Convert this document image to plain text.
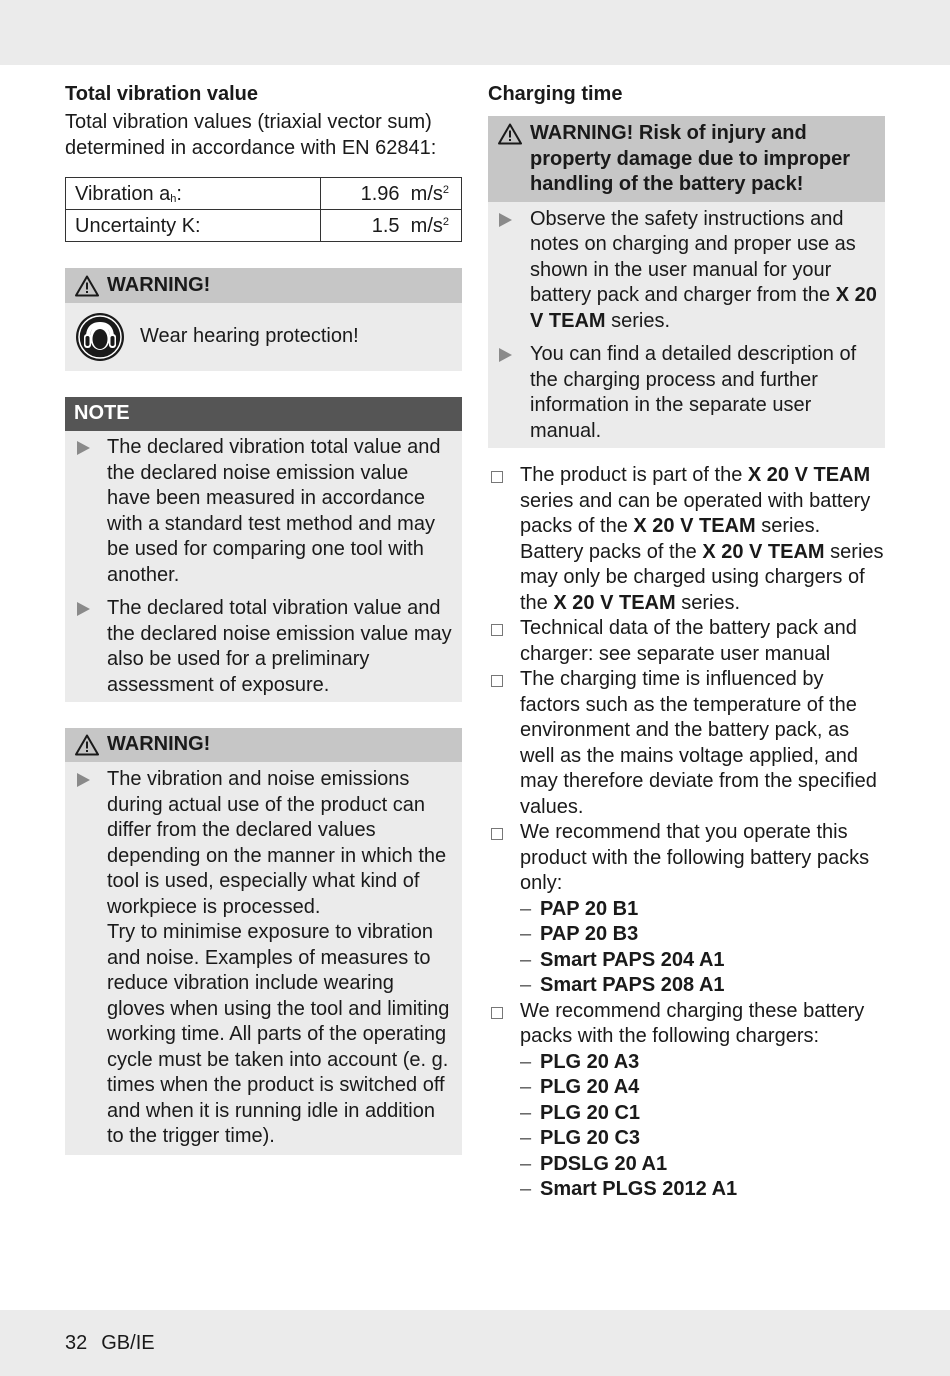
Total vibration value

Total vibration values (triaxial vector sum) determined in accordance with EN 62841:

Vibration $a_h$:	1.96 $m/s^2$
Uncertainty K:	1.5 $m/s^2$
WARNING!
Wear hearing protection!
NOTE
The declared vibration total value and the declared noise emission value have been measured in accordance with a standard test method and may be used for comparing one tool with another.
The declared total vibration value and the declared noise emission value may also be used for a preliminary assessment of exposure.
WARNING!
The vibration and noise emissions during actual use of the product can differ from the declared values depending on the manner in which the tool is used, especially what kind of workpiece is processed.
Try to minimise exposure to vibration and noise. Examples of measures to reduce vibration include wearing gloves when using the tool and limiting working time. All parts of the operating cycle must be taken into account (e. g. times when the product is switched off and when it is running idle in addition to the trigger time).
Charging time
WARNING! Risk of injury and property damage due to improper handling of the battery pack!
Observe the safety instructions and notes on charging and proper use as shown in the user manual for your battery pack and charger from the X 20 V TEAM series.
You can find a detailed description of the charging process and further information in the separate user manual.
The product is part of the X 20 V TEAM series and can be operated with battery packs of the X 20 V TEAM series. Battery packs of the X 20 V TEAM series may only be charged using chargers of the X 20 V TEAM series.
Technical data of the battery pack and charger: see separate user manual
The charging time is influenced by factors such as the temperature of the environment and the battery pack, as well as the mains voltage applied, and may therefore deviate from the specified values.
We recommend that you operate this product with the following battery packs only:
– PAP 20 B1
– PAP 20 B3
– Smart PAPS 204 A1
– Smart PAPS 208 A1
We recommend charging these battery packs with the following chargers:
– PLG 20 A3
– PLG 20 A4
– PLG 20 C1
– PLG 20 C3
– PDSLG 20 A1
– Smart PLGS 2012 A1
32 GB/IE
